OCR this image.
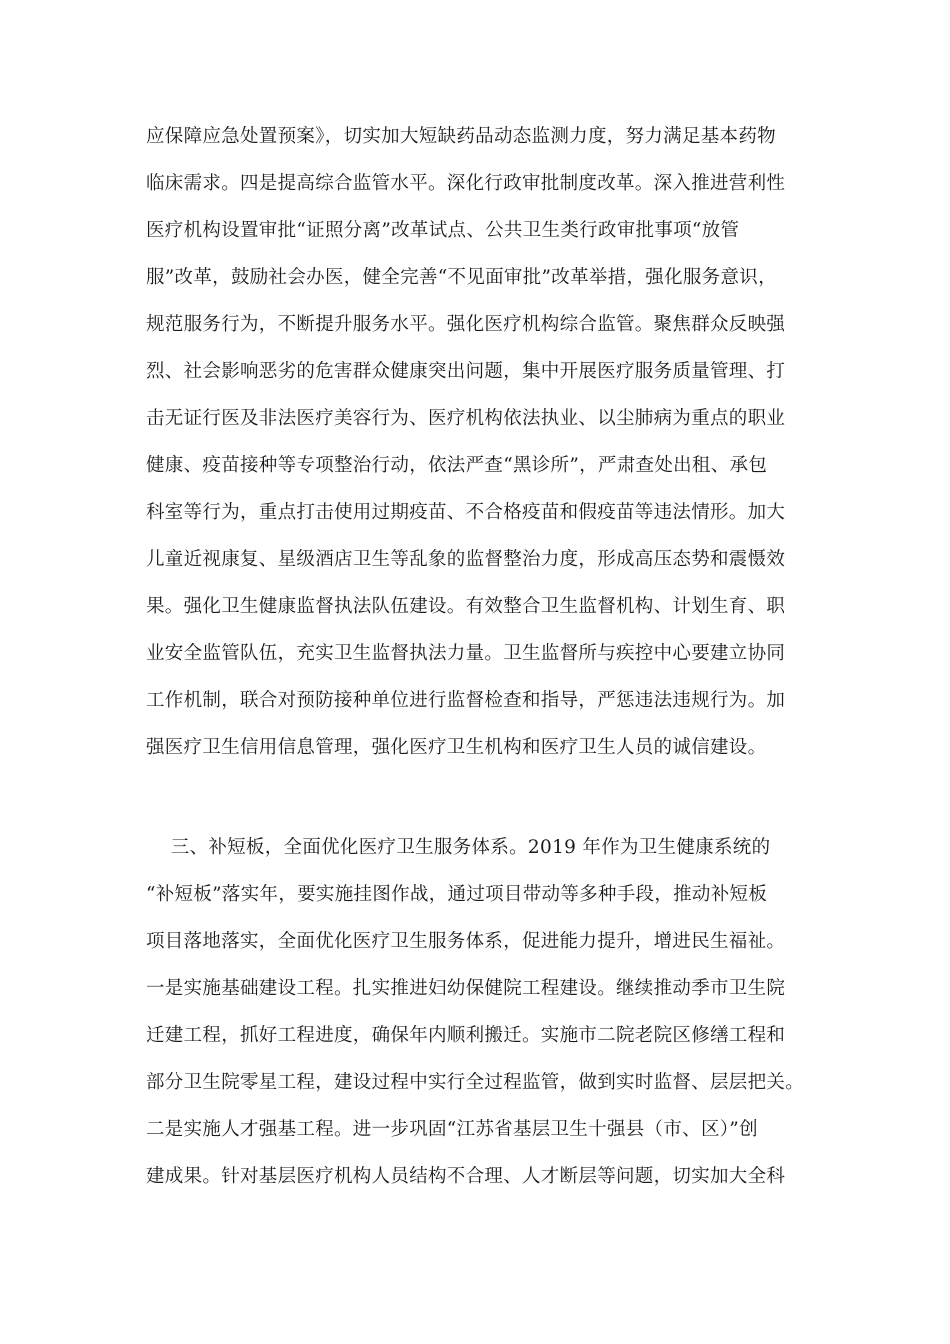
应保障应急处置预案》，切实加大短缺药品动态监测力度，努力满足基本药物
临床需求。四是提高综合监管水平。深化行政审批制度改革。深入推进营利性
医疗机构设置审批“证照分离”改革试点、公共卫生类行政审批事项“放管
服”改革，鼓励社会办医，健全完善“不见面审批”改革举措，强化服务意识，
规范服务行为，不断提升服务水平。强化医疗机构综合监管。聚焦群众反映强
烈、社会影响恶劣的危害群众健康突出问题，集中开展医疗服务质量管理、打
击无证行医及非法医疗美容行为、医疗机构依法执业、以尘肺病为重点的职业
健康、疫苗接种等专项整治行动，依法严查“黑诊所”，严肃查处出租、承包
科室等行为，重点打击使用过期疫苗、不合格疫苗和假疫苗等违法情形。加大
儿童近视康复、星级酒店卫生等乱象的监督整治力度，形成高压态势和震慑效
果。强化卫生健康监督执法队伍建设。有效整合卫生监督机构、计划生育、职
业安全监管队伍，充实卫生监督执法力量。卫生监督所与疾控中心要建立协同
工作机制，联合对预防接种单位进行监督检查和指导，严惩违法违规行为。加
强医疗卫生信用信息管理，强化医疗卫生机构和医疗卫生人员的诚信建设。
三、补短板，全面优化医疗卫生服务体系。2019 年作为卫生健康系统的
“补短板”落实年，要实施挂图作战，通过项目带动等多种手段，推动补短板
项目落地落实，全面优化医疗卫生服务体系，促进能力提升，增进民生福祉。
一是实施基础建设工程。扎实推进妇幼保健院工程建设。继续推动季市卫生院
迁建工程，抓好工程进度，确保年内顺利搬迁。实施市二院老院区修缮工程和
部分卫生院零星工程，建设过程中实行全过程监管，做到实时监督、层层把关。
二是实施人才强基工程。进一步巩固“江苏省基层卫生十强县（市、区）”创
建成果。针对基层医疗机构人员结构不合理、人才断层等问题，切实加大全科
